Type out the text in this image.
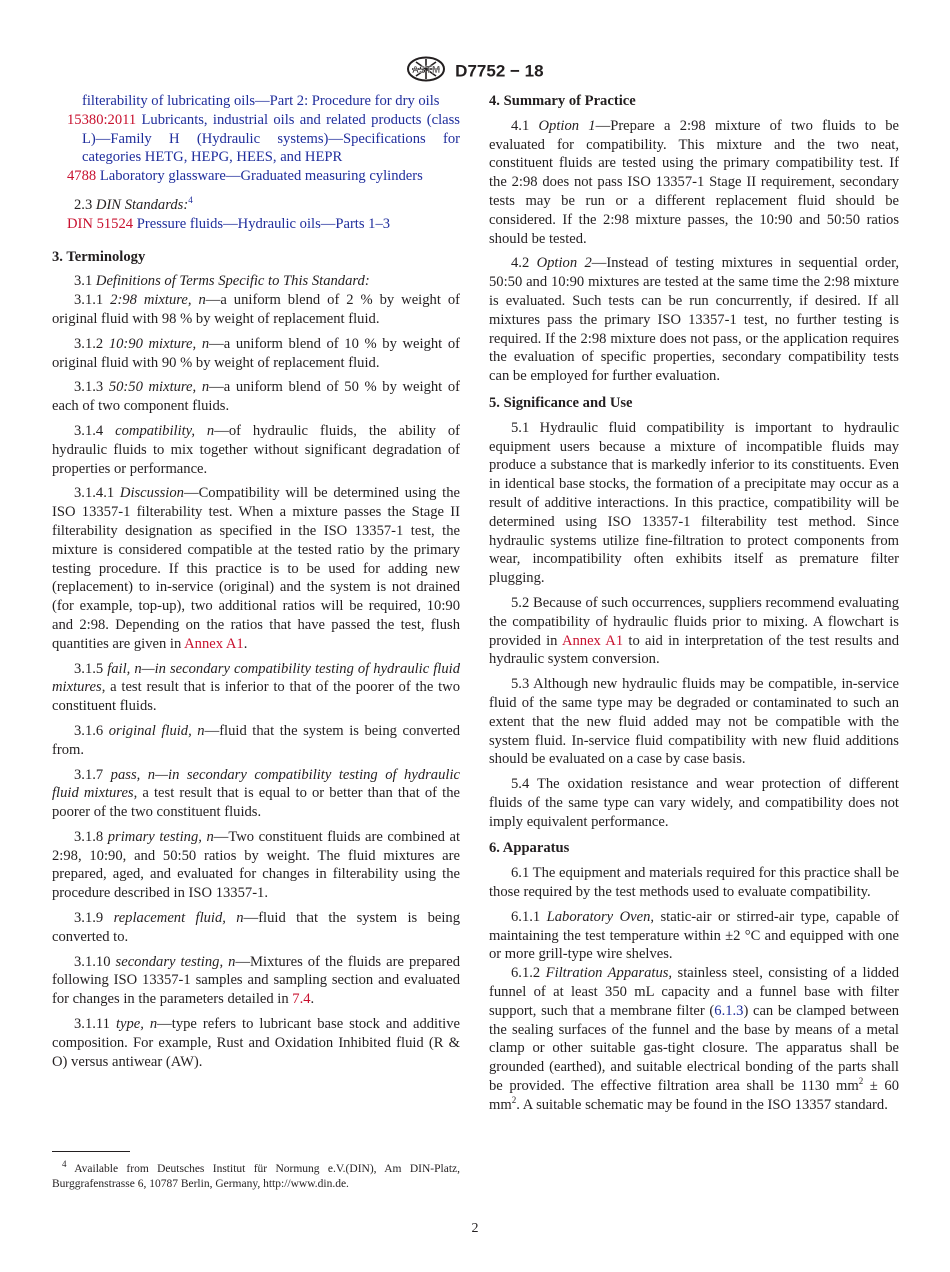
ASTM D7752 − 18
filterability of lubricating oils—Part 2: Procedure for dry oils
15380:2011 Lubricants, industrial oils and related products (class L)—Family H (Hydraulic systems)—Specifications for categories HETG, HEPG, HEES, and HEPR
4788 Laboratory glassware—Graduated measuring cylinders

2.3 DIN Standards:$^4$

DIN 51524 Pressure fluids—Hydraulic oils—Parts 1–3
3. Terminology

3.1 Definitions of Terms Specific to This Standard:

3.1.1 2:98 mixture, n—a uniform blend of 2 % by weight of original fluid with 98 % by weight of replacement fluid.

3.1.2 10:90 mixture, n—a uniform blend of 10 % by weight of original fluid with 90 % by weight of replacement fluid.

3.1.3 50:50 mixture, n—a uniform blend of 50 % by weight of each of two component fluids.

3.1.4 compatibility, n—of hydraulic fluids, the ability of hydraulic fluids to mix together without significant degradation of properties or performance.

3.1.4.1 Discussion—Compatibility will be determined using the ISO 13357-1 filterability test. When a mixture passes the Stage II filterability designation as specified in the ISO 13357-1 test, the mixture is considered compatible at the tested ratio by the primary testing procedure. If this practice is to be used for adding new (replacement) to in-service (original) and the system is not drained (for example, top-up), two additional ratios will be required, 10:90 and 2:98. Depending on the ratios that have passed the test, flush quantities are given in Annex A1.

3.1.5 fail, n—in secondary compatibility testing of hydraulic fluid mixtures, a test result that is inferior to that of the poorer of the two constituent fluids.

3.1.6 original fluid, n—fluid that the system is being converted from.

3.1.7 pass, n—in secondary compatibility testing of hydraulic fluid mixtures, a test result that is equal to or better than that of the poorer of the two constituent fluids.

3.1.8 primary testing, n—Two constituent fluids are combined at 2:98, 10:90, and 50:50 ratios by weight. The fluid mixtures are prepared, aged, and evaluated for changes in filterability using the procedure described in ISO 13357-1.

3.1.9 replacement fluid, n—fluid that the system is being converted to.

3.1.10 secondary testing, n—Mixtures of the fluids are prepared following ISO 13357-1 samples and sampling section and evaluated for changes in the parameters detailed in 7.4.

3.1.11 type, n—type refers to lubricant base stock and additive composition. For example, Rust and Oxidation Inhibited fluid (R & O) versus antiwear (AW).

4. Summary of Practice

4.1 Option 1—Prepare a 2:98 mixture of two fluids to be evaluated for compatibility. This mixture and the two neat, constituent fluids are tested using the primary compatibility test. If the 2:98 does not pass ISO 13357-1 Stage II requirement, secondary tests may be run or a different replacement fluid should be considered. If the 2:98 mixture passes, the 10:90 and 50:50 ratios should be tested.

4.2 Option 2—Instead of testing mixtures in sequential order, 50:50 and 10:90 mixtures are tested at the same time the 2:98 mixture is evaluated. Such tests can be run concurrently, if desired. If all mixtures pass the primary ISO 13357-1 test, no further testing is required. If the 2:98 mixture does not pass, or the application requires the evaluation of specific properties, secondary compatibility tests can be employed for further evaluation.

5. Significance and Use

5.1 Hydraulic fluid compatibility is important to hydraulic equipment users because a mixture of incompatible fluids may produce a substance that is markedly inferior to its constituents. Even in identical base stocks, the formation of a precipitate may occur as a result of additive interactions. In this practice, compatibility will be determined using ISO 13357-1 filterability test method. Since hydraulic systems utilize fine-filtration to protect components from wear, incompatibility often exhibits itself as premature filter plugging.

5.2 Because of such occurrences, suppliers recommend evaluating the compatibility of hydraulic fluids prior to mixing. A flowchart is provided in Annex A1 to aid in interpretation of the test results and hydraulic system conversion.

5.3 Although new hydraulic fluids may be compatible, in-service fluid of the same type may be degraded or contaminated to such an extent that the new fluid added may not be compatible with the system fluid. In-service fluid compatibility with new fluid additions should be evaluated on a case by case basis.

5.4 The oxidation resistance and wear protection of different fluids of the same type can vary widely, and compatibility does not imply equivalent performance.

6. Apparatus

6.1 The equipment and materials required for this practice shall be those required by the test methods used to evaluate compatibility.

6.1.1 Laboratory Oven, static-air or stirred-air type, capable of maintaining the test temperature within ±2 °C and equipped with one or more grill-type wire shelves.

6.1.2 Filtration Apparatus, stainless steel, consisting of a lidded funnel of at least 350 mL capacity and a funnel base with filter support, such that a membrane filter (6.1.3) can be clamped between the sealing surfaces of the funnel and the base by means of a metal clamp or other suitable gas-tight closure. The apparatus shall be grounded (earthed), and suitable electrical bonding of the parts shall be provided. The effective filtration area shall be 1130 $mm^2 \pm 60$ $mm^2$. A suitable schematic may be found in the ISO 13357 standard.

$^4$ Available from Deutsches Institut für Normung e.V.(DIN), Am DIN-Platz, Burggrafenstrasse 6, 10787 Berlin, Germany, http://www.din.de.
2
